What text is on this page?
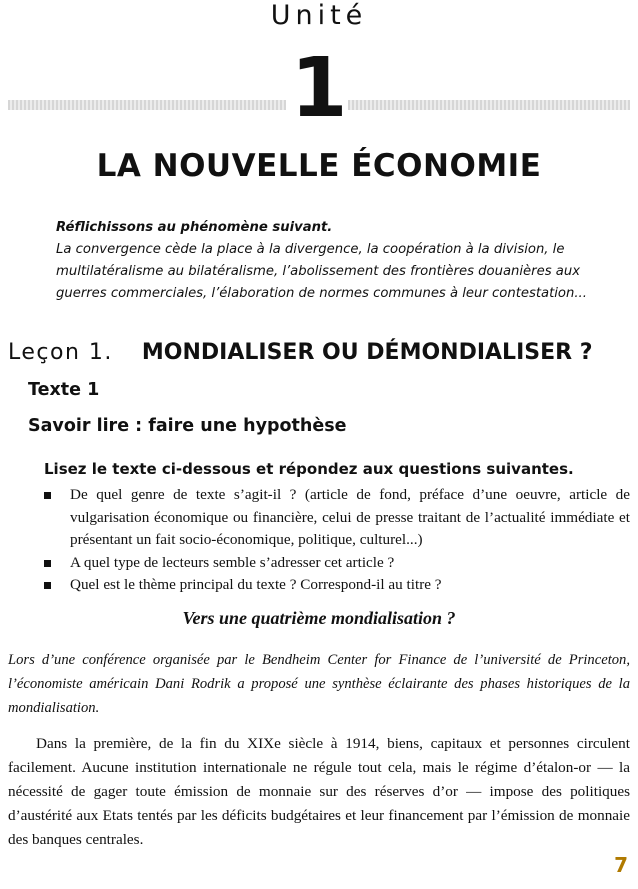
Unité
1
LA NOUVELLE ÉCONOMIE
Réflichissons au phénomène suivant.
La convergence cède la place à la divergence, la coopération à la division, le multilatéralisme au bilatéralisme, l’abolissement des frontières douanières aux guerres commerciales, l’élaboration de normes communes à leur contestation...
Leçon 1. MONDIALISER OU DÉMONDIALISER ?
Texte 1
Savoir lire : faire une hypothèse
Lisez le texte ci-dessous et répondez aux questions suivantes.
De quel genre de texte s’agit-il ? (article de fond, préface d’une oeuvre, article de vulgarisation économique ou financière, celui de presse traitant de l’actualité immédiate et présentant un fait socio-économique, politique, culturel...)
A quel type de lecteurs semble s’adresser cet article ?
Quel est le thème principal du texte ? Correspond-il au titre ?
Vers une quatrième mondialisation ?
Lors d’une conférence organisée par le Bendheim Center for Finance de l’université de Princeton, l’économiste américain Dani Rodrik a proposé une synthèse éclairante des phases historiques de la mondialisation.

Dans la première, de la fin du XIXe siècle à 1914, biens, capitaux et personnes circulent facilement. Aucune institution internationale ne régule tout cela, mais le régime d’étalon-or — la nécessité de gager toute émission de monnaie sur des réserves d’or — impose des politiques d’austérité aux Etats tentés par les déficits budgétaires et leur financement par l’émission de monnaie des banques centrales.

7
